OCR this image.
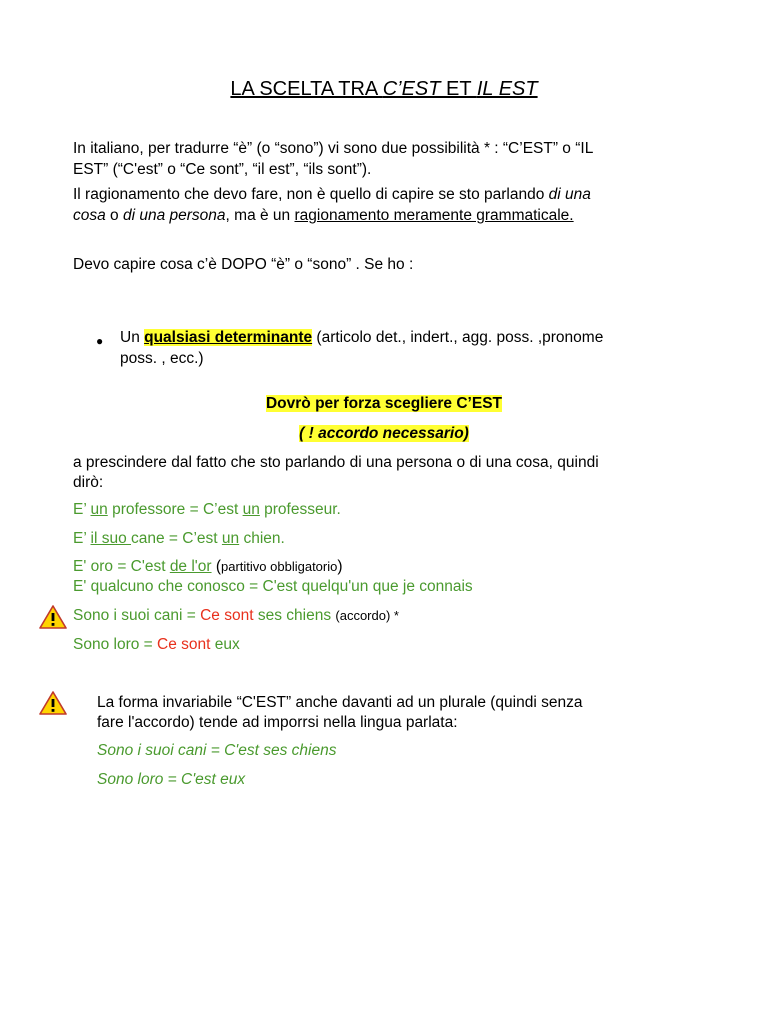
LA SCELTA TRA C’EST ET IL EST
In italiano, per tradurre “è” (o “sono”) vi sono due possibilità * : “C’EST” o “IL
EST” (“C'est” o “Ce sont”, “il est”, “ils sont”).
Il ragionamento che devo fare, non è quello di capire se sto parlando di una
cosa o di una persona, ma è un ragionamento meramente grammaticale.
Devo capire cosa c’è DOPO “è” o “sono” . Se ho :
● Un qualsiasi determinante (articolo det., indert., agg. poss. ,pronome
poss. , ecc.)
Dovrò per forza scegliere C’EST
( ! accordo necessario)
a prescindere dal fatto che sto parlando di una persona o di una cosa, quindi
dirò:
E’ un professore = C’est un professeur.
E’ il suo cane = C’est un chien.
E' oro = C'est de l'or (partitivo obbligatorio)
E' qualcuno che conosco = C'est quelqu'un que je connais
Sono i suoi cani = Ce sont ses chiens (accordo) *
Sono loro = Ce sont eux
La forma invariabile “C'EST” anche davanti ad un plurale (quindi senza
fare l'accordo) tende ad imporrsi nella lingua parlata:
Sono i suoi cani = C'est ses chiens
Sono loro = C'est eux
